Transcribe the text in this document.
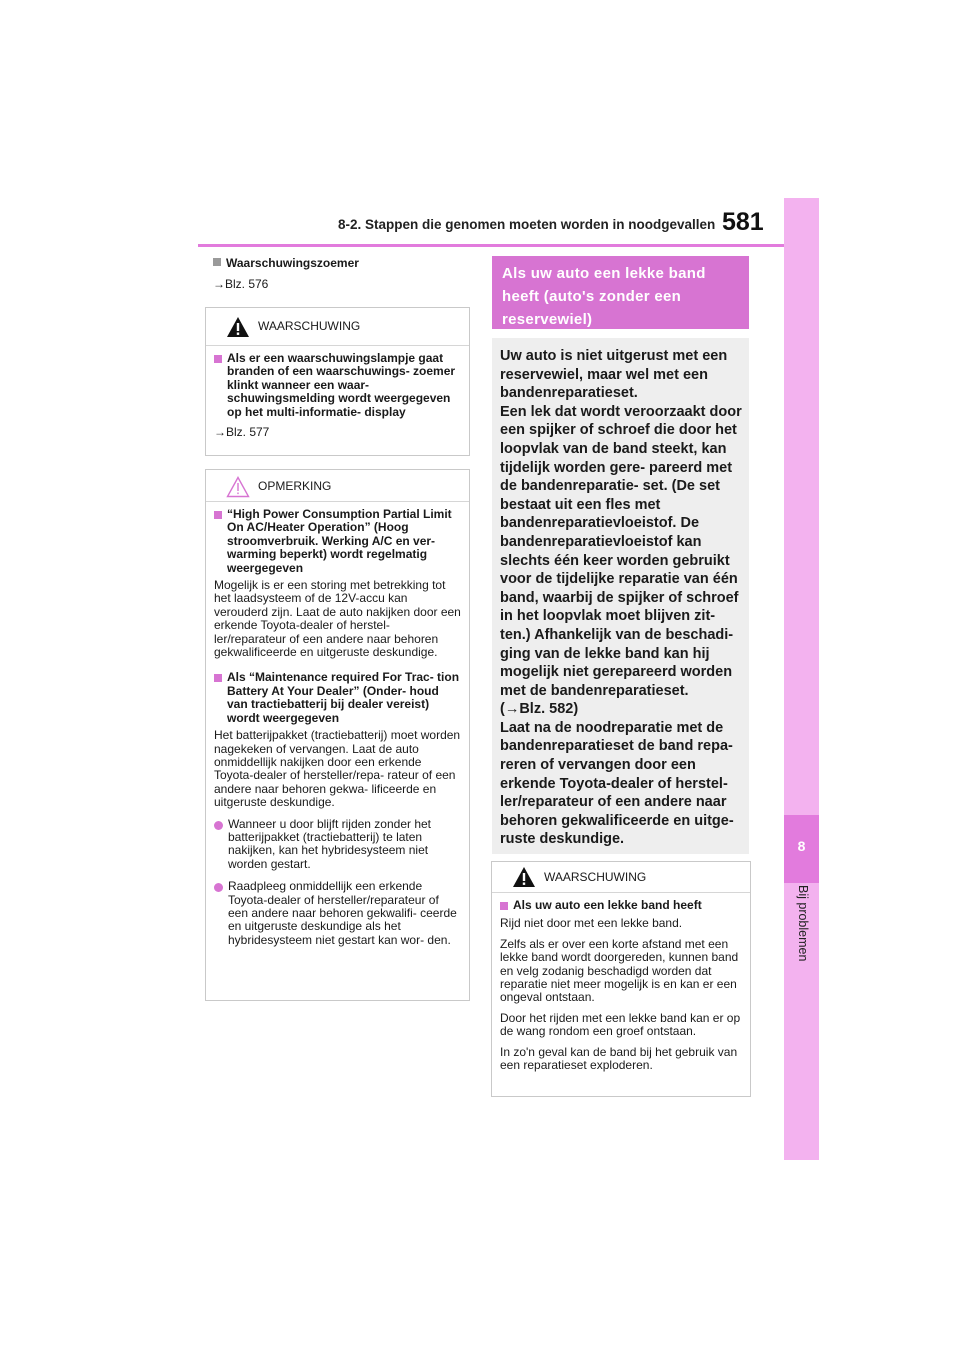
8-2. Stappen die genomen moeten worden in noodgevallen 581
8
Bij problemen
Waarschuwingszoemer
→Blz. 576
WAARSCHUWING
Als er een waarschuwingslampje gaat branden of een waarschuwings- zoemer klinkt wanneer een waar- schuwingsmelding wordt weergegeven op het multi-informatie- display
→Blz. 577
OPMERKING
“High Power Consumption Partial Limit On AC/Heater Operation” (Hoog stroomverbruik. Werking A/C en ver- warming beperkt) wordt regelmatig weergegeven
Mogelijk is er een storing met betrekking tot het laadsysteem of de 12V-accu kan verouderd zijn. Laat de auto nakijken door een erkende Toyota-dealer of herstel- ler/reparateur of een andere naar behoren gekwalificeerde en uitgeruste deskundige.
Als “Maintenance required For Trac- tion Battery At Your Dealer” (Onder- houd van tractiebatterij bij dealer vereist) wordt weergegeven
Het batterijpakket (tractiebatterij) moet worden nagekeken of vervangen. Laat de auto onmiddellijk nakijken door een erkende Toyota-dealer of hersteller/repa- rateur of een andere naar behoren gekwa- lificeerde en uitgeruste deskundige.
Wanneer u door blijft rijden zonder het batterijpakket (tractiebatterij) te laten nakijken, kan het hybridesysteem niet worden gestart.
Raadpleeg onmiddellijk een erkende Toyota-dealer of hersteller/reparateur of een andere naar behoren gekwalifi- ceerde en uitgeruste deskundige als het hybridesysteem niet gestart kan wor- den.
Als uw auto een lekke band heeft (auto's zonder een reservewiel)
Uw auto is niet uitgerust met een reservewiel, maar wel met een bandenreparatieset.
Een lek dat wordt veroorzaakt door een spijker of schroef die door het loopvlak van de band steekt, kan tijdelijk worden gere- pareerd met de bandenreparatie- set. (De set bestaat uit een fles met bandenreparatievloeistof. De bandenreparatievloeistof kan slechts één keer worden gebruikt voor de tijdelijke reparatie van één band, waarbij de spijker of schroef in het loopvlak moet blijven zit- ten.) Afhankelijk van de beschadi- ging van de lekke band kan hij mogelijk niet gerepareerd worden met de bandenreparatieset.
(→Blz. 582)
Laat na de noodreparatie met de bandenreparatieset de band repa- reren of vervangen door een erkende Toyota-dealer of herstel- ler/reparateur of een andere naar behoren gekwalificeerde en uitge- ruste deskundige.
WAARSCHUWING
Als uw auto een lekke band heeft
Rijd niet door met een lekke band.
Zelfs als er over een korte afstand met een lekke band wordt doorgereden, kunnen band en velg zodanig beschadigd worden dat reparatie niet meer mogelijk is en kan er een ongeval ontstaan.
Door het rijden met een lekke band kan er op de wang rondom een groef ontstaan.
In zo'n geval kan de band bij het gebruik van een reparatieset exploderen.
